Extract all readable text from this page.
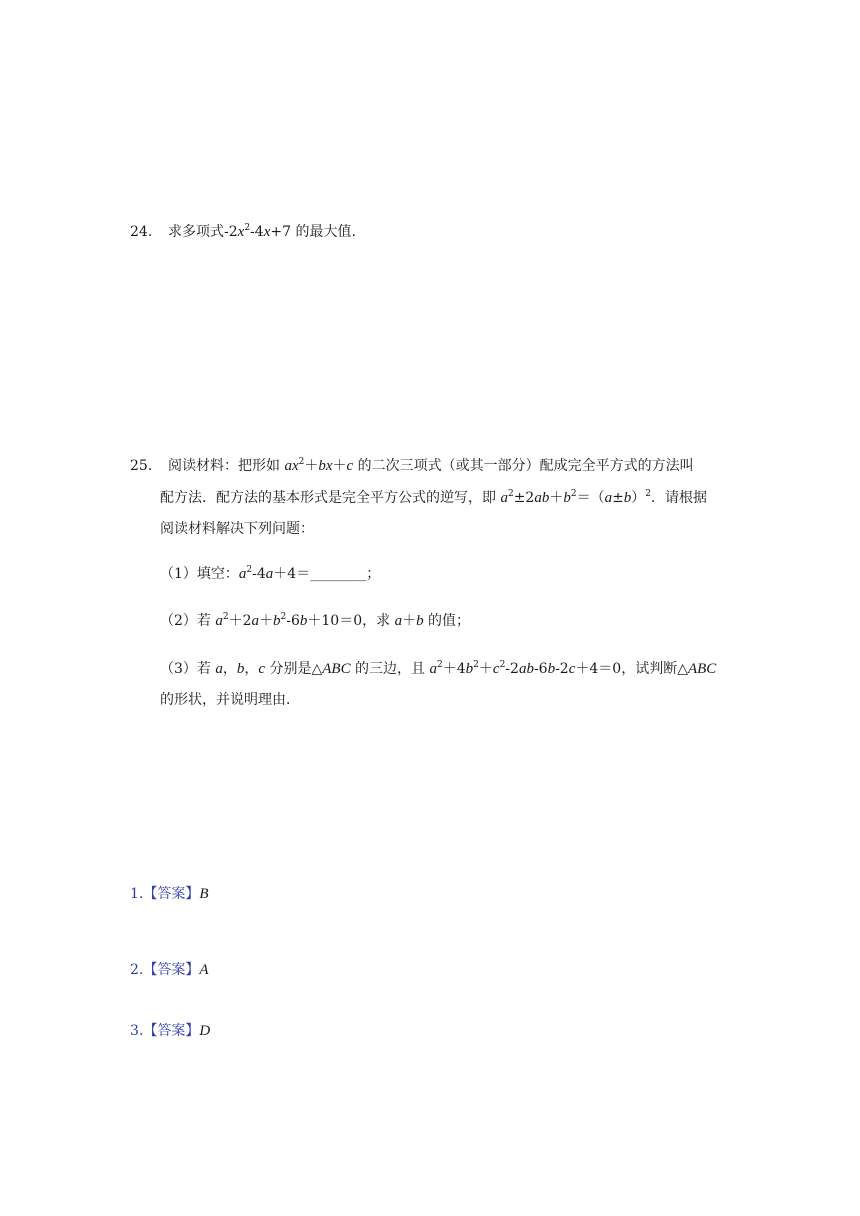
24. 求多项式$-2x^2-4x+7$ 的最大值.
25. 阅读材料：把形如 $ax^2+bx+c$ 的二次三项式（或其一部分）配成完全平方式的方法叫
配方法．配方法的基本形式是完全平方公式的逆写，即 $a^2\pm 2ab+b^2=(a\pm b)^2$．请根据
阅读材料解决下列问题：
（1）填空：$a^2-4a+4=\_\_\_\_\_\_\_\_$；
（2）若 $a^2+2a+b^2-6b+10=0$，求 a＋b 的值；
（3）若 a，b，c 分别是△ABC 的三边，且 $a^2+4b^2+c^2-2ab-6b-2c+4=0$，试判断△ABC
的形状，并说明理由．
1.【答案】B
2.【答案】A
3.【答案】D
